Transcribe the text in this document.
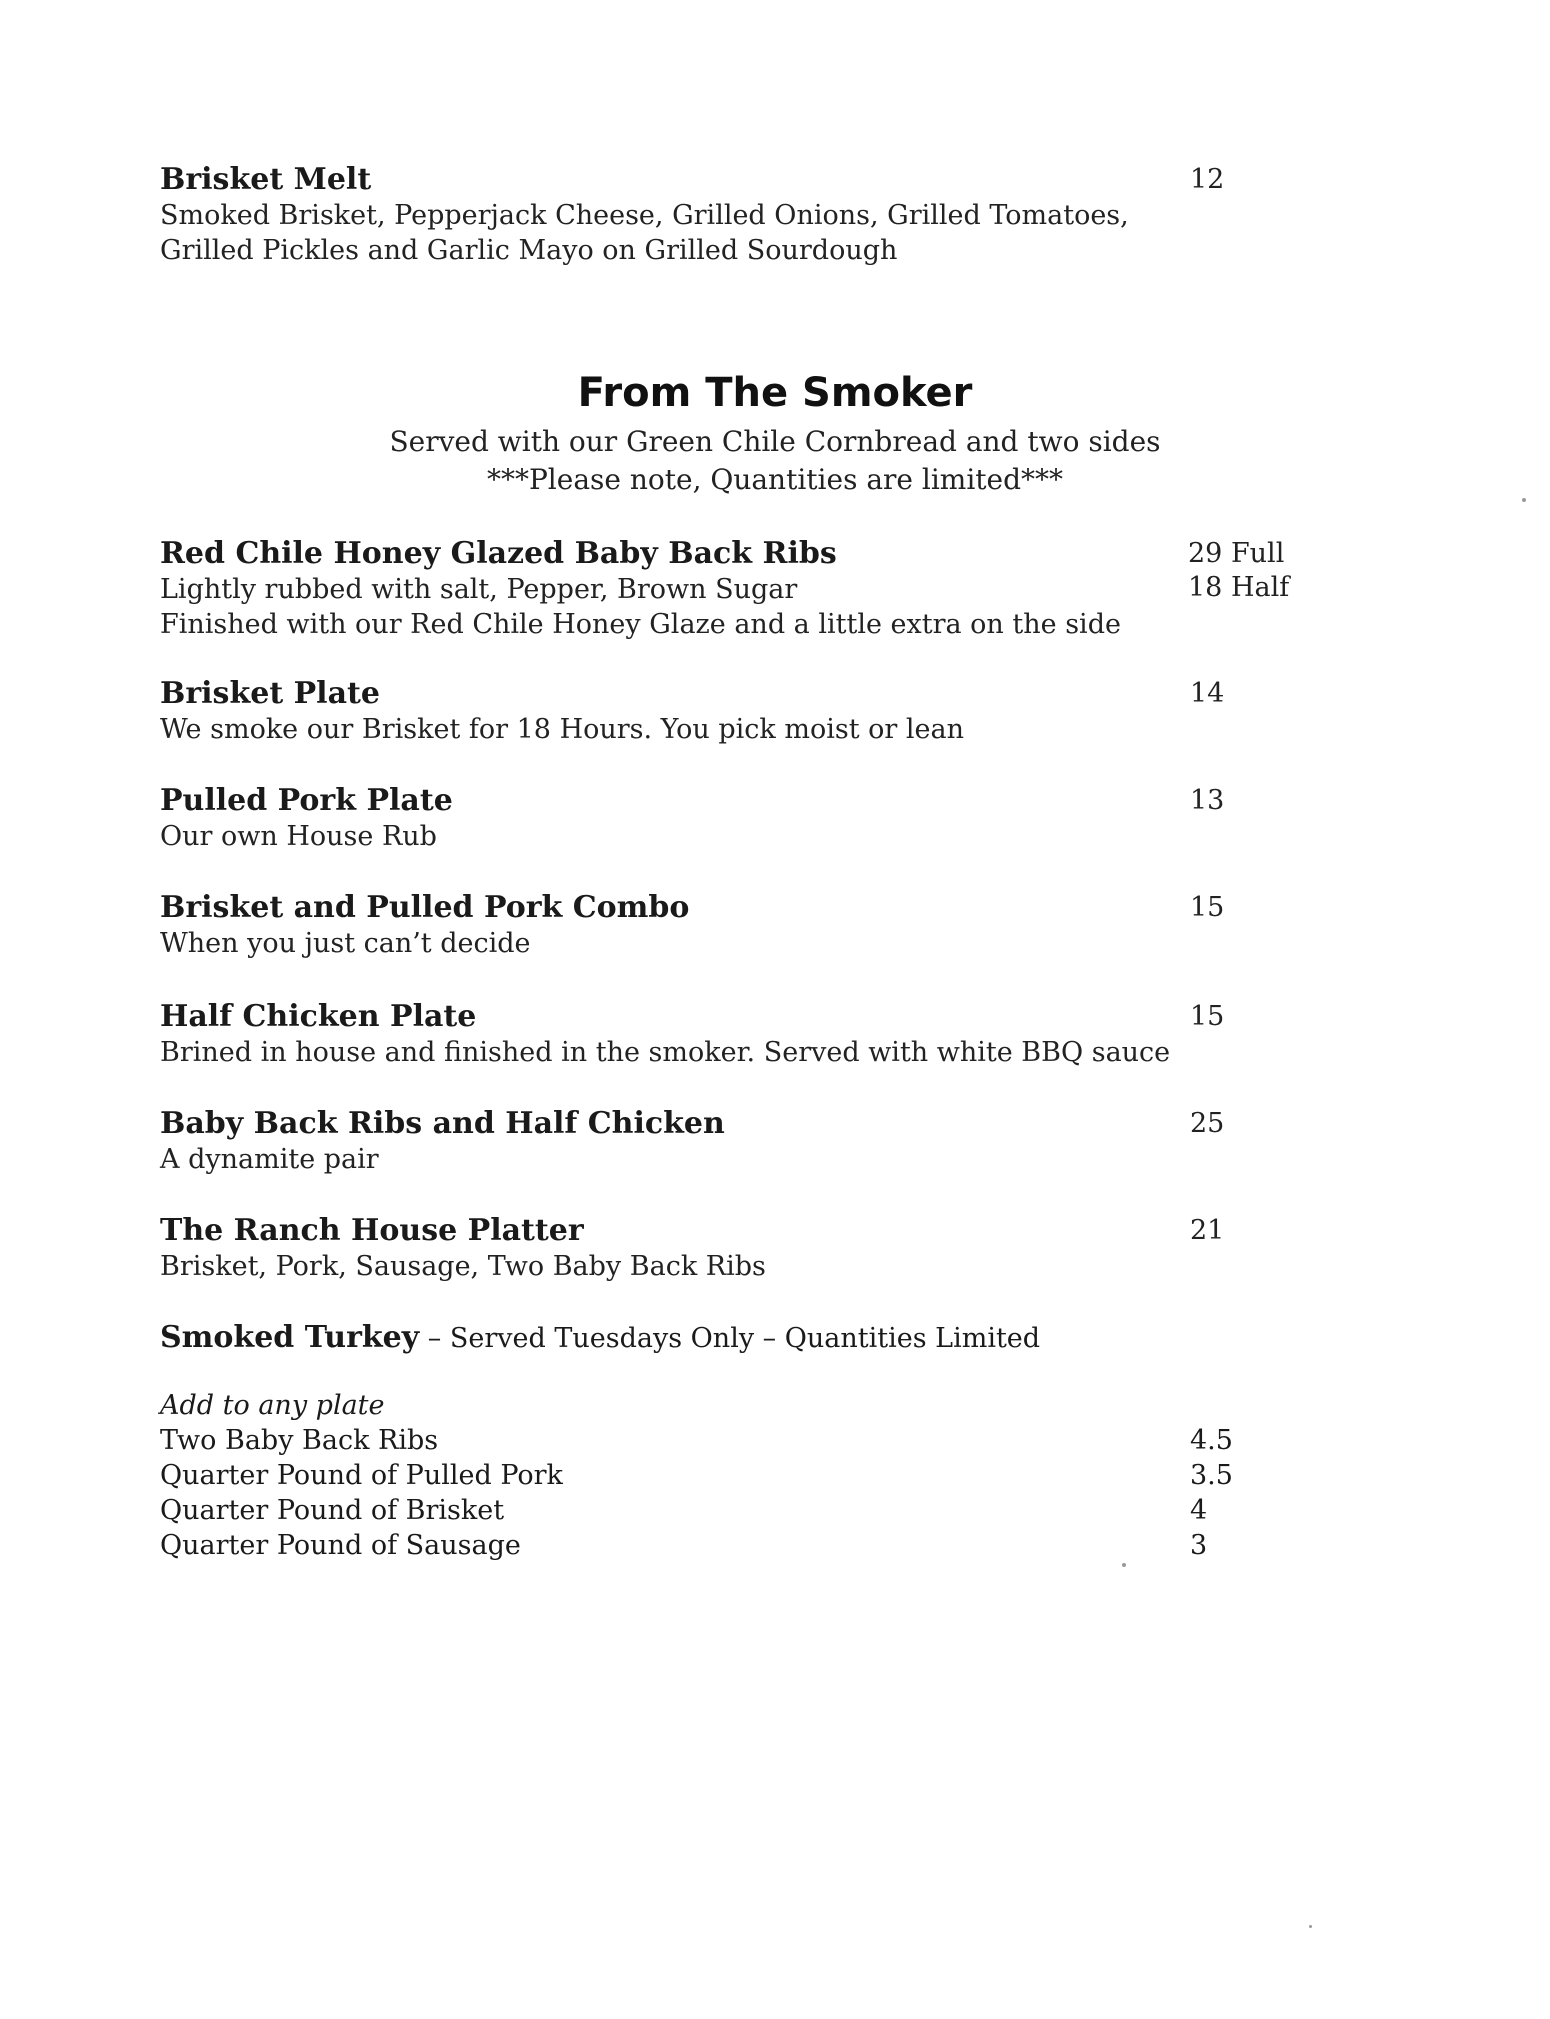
Brisket Melt
Smoked Brisket, Pepperjack Cheese, Grilled Onions, Grilled Tomatoes,
Grilled Pickles and Garlic Mayo on Grilled Sourdough
12
From The Smoker
Served with our Green Chile Cornbread and two sides
***Please note, Quantities are limited***
Red Chile Honey Glazed Baby Back Ribs
Lightly rubbed with salt, Pepper, Brown Sugar
Finished with our Red Chile Honey Glaze and a little extra on the side
29 Full
18 Half
Brisket Plate
We smoke our Brisket for 18 Hours. You pick moist or lean
14
Pulled Pork Plate
Our own House Rub
13
Brisket and Pulled Pork Combo
When you just can’t decide
15
Half Chicken Plate
Brined in house and finished in the smoker. Served with white BBQ sauce
15
Baby Back Ribs and Half Chicken
A dynamite pair
25
The Ranch House Platter
Brisket, Pork, Sausage, Two Baby Back Ribs
21
Smoked Turkey – Served Tuesdays Only – Quantities Limited
Add to any plate
Two Baby Back Ribs	4.5
Quarter Pound of Pulled Pork	3.5
Quarter Pound of Brisket	4
Quarter Pound of Sausage	3
